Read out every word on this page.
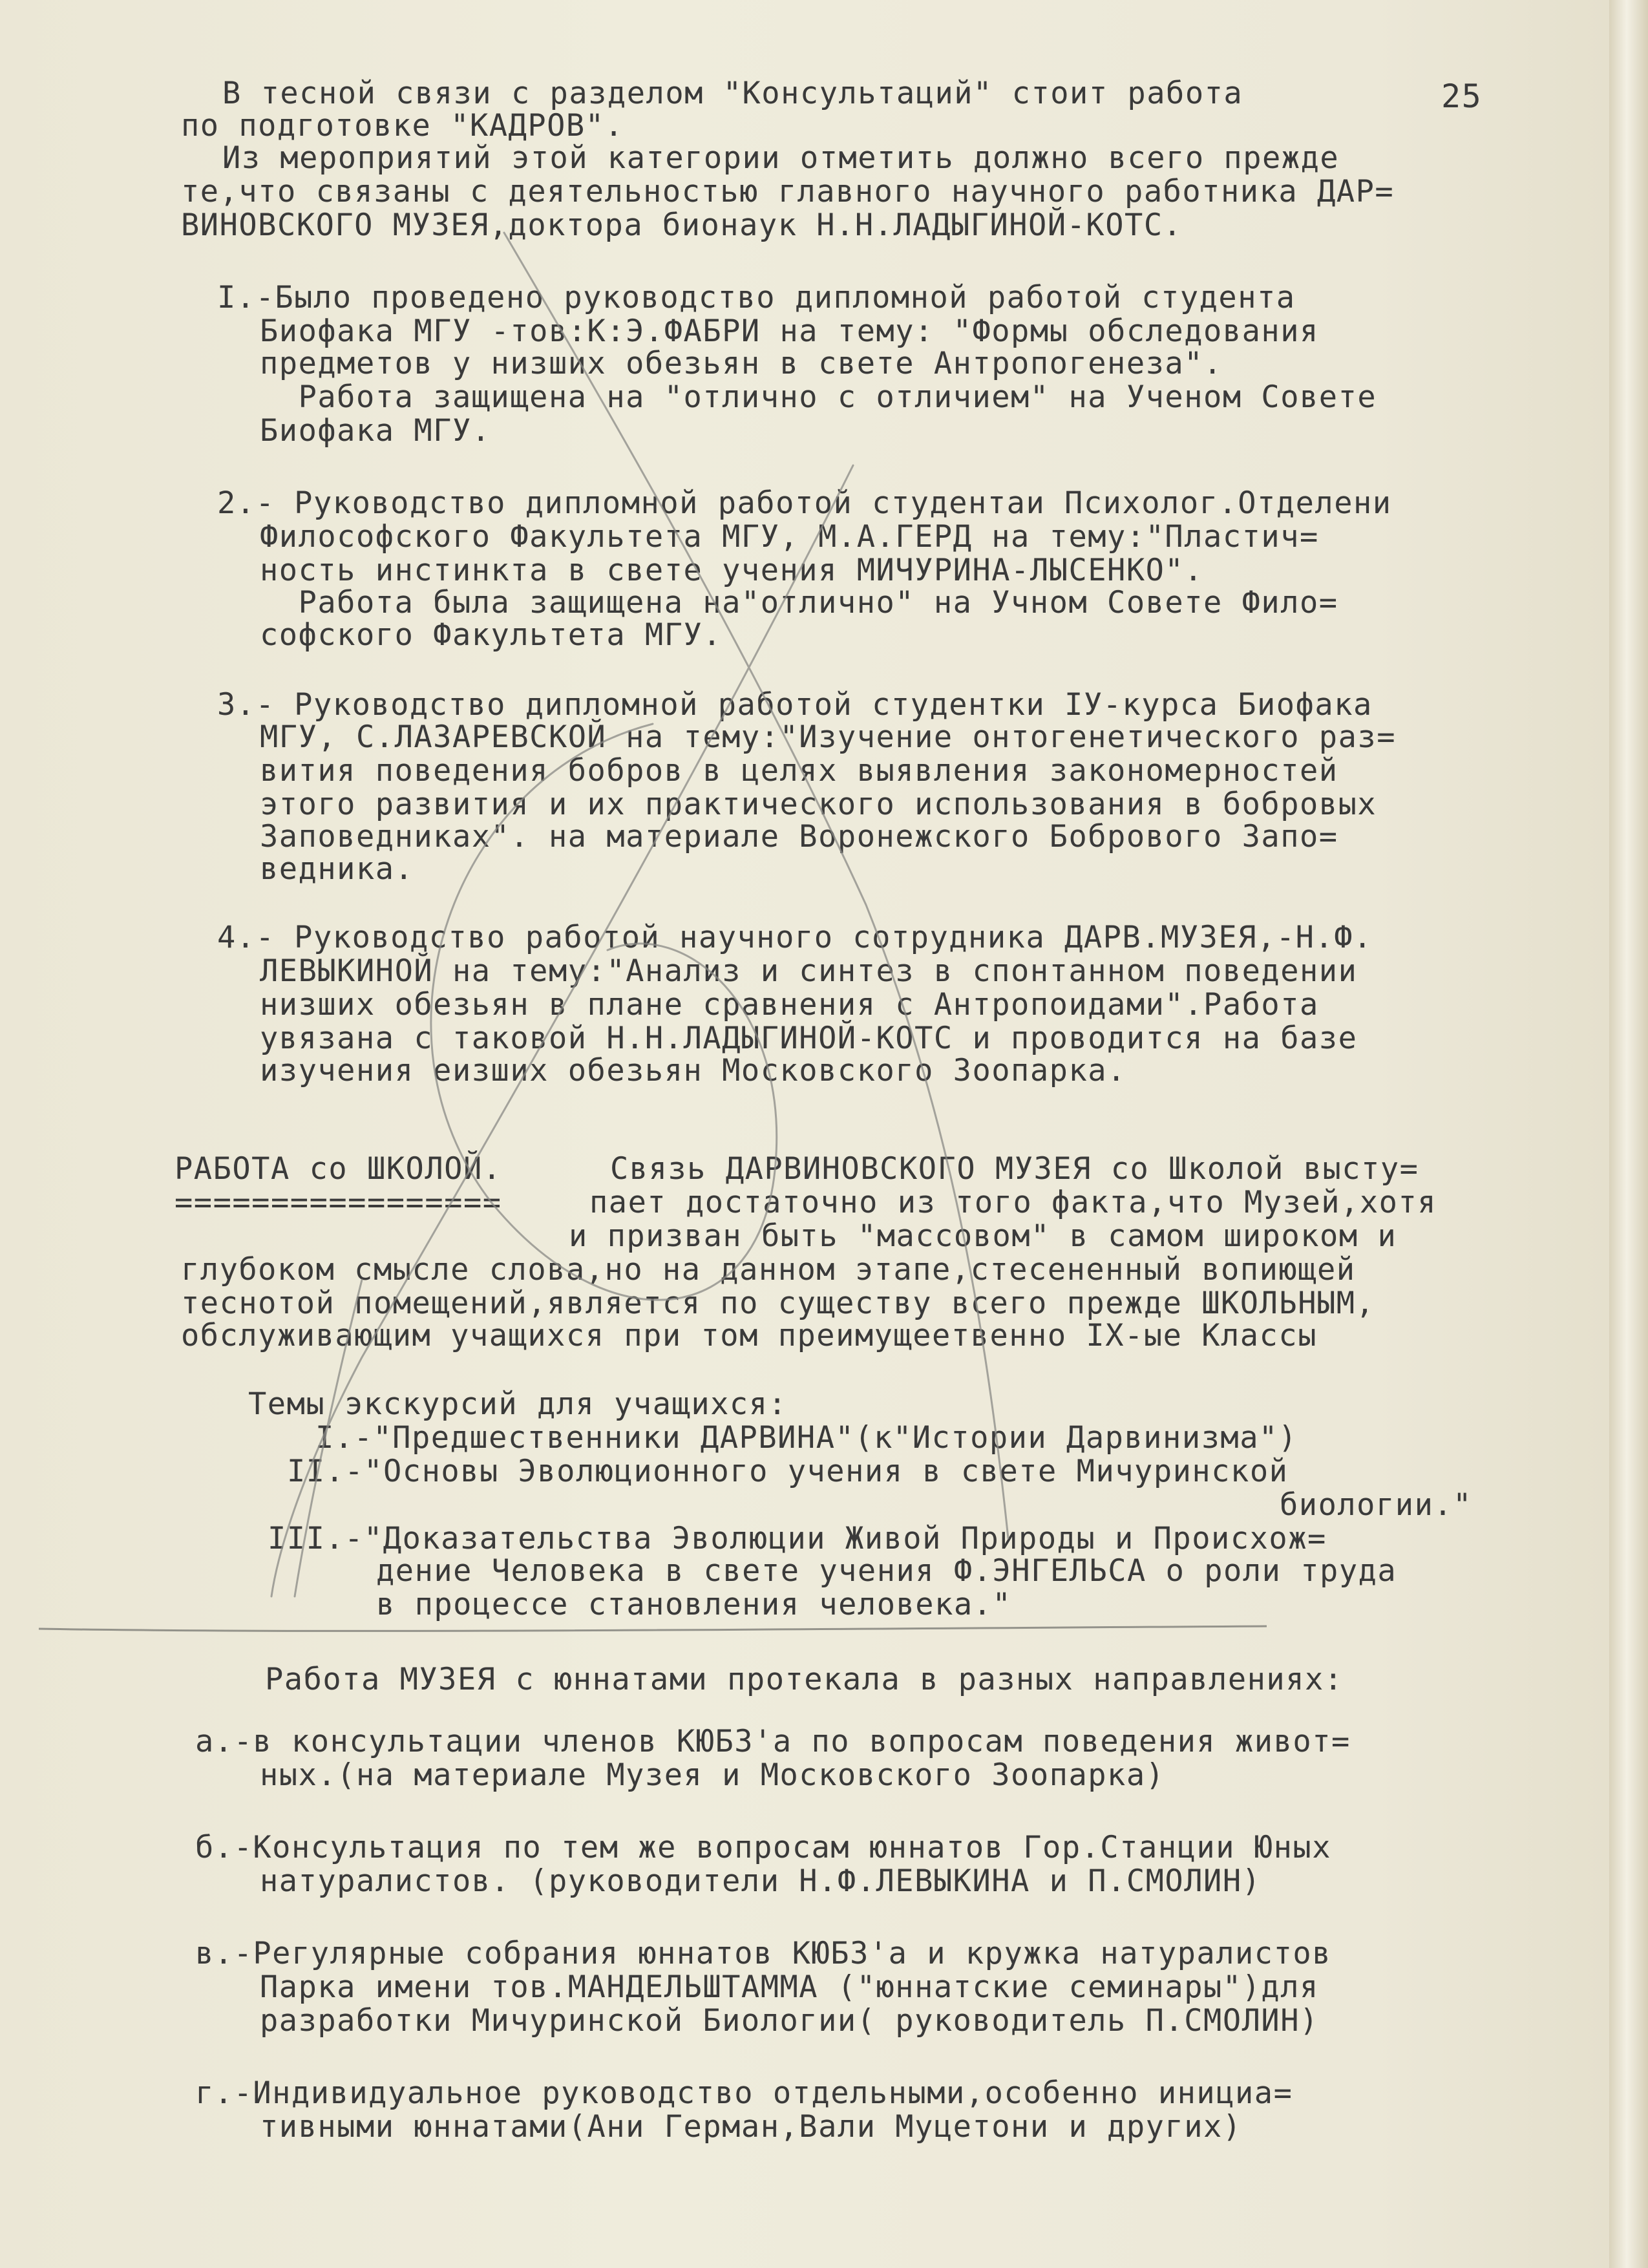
25
В тесной связи с разделом "Консультаций" стоит работа
по подготовке "КАДРОВ".
Из мероприятий этой категории отметить должно всего прежде
те,что связаны с деятельностью главного научного работника ДАР=
ВИНОВСКОГО МУЗЕЯ,доктора бионаук Н.Н.ЛАДЫГИНОЙ-КОТС.
I.-Было проведено руководство дипломной работой студента
Биофака МГУ -тов:К:Э.ФАБРИ на тему: "Формы обследования
предметов у низших обезьян в свете Антропогенеза".
Работа защищена на "отлично с отличием" на Ученом Совете
Биофака МГУ.
2.- Руководство дипломной работой студентаи Психолог.Отделени
Философского Факультета МГУ, М.А.ГЕРД на тему:"Пластич=
ность инстинкта в свете учения МИЧУРИНА-ЛЫСЕНКО".
Работа была защищена на"отлично" на Учном Совете Фило=
софского Факультета МГУ.
3.- Руководство дипломной работой студентки IУ-курса Биофака
МГУ, С.ЛАЗАРЕВСКОЙ на тему:"Изучение онтогенетического раз=
вития поведения бобров в целях выявления закономерностей
этого развития и их практического использования в бобровых
Заповедниках". на материале Воронежского Бобрового Запо=
ведника.
4.- Руководство работой научного сотрудника ДАРВ.МУЗЕЯ,-Н.Ф.
ЛЕВЫКИНОЙ на тему:"Анализ и синтез в спонтанном поведении
низших обезьян в плане сравнения с Антропоидами".Работа
увязана с таковой Н.Н.ЛАДЫГИНОЙ-КОТС и проводится на базе
изучения еизших обезьян Московского Зоопарка.
РАБОТА со ШКОЛОЙ.
=================
Связь ДАРВИНОВСКОГО МУЗЕЯ со Школой высту=
пает достаточно из того факта,что Музей,хотя
и призван быть "массовом" в самом широком и
глубоком смысле слова,но на данном этапе,стесененный вопиющей
теснотой помещений,является по существу всего прежде ШКОЛЬНЫМ,
обслуживающим учащихся при том преимущеетвенно IX-ые Классы
Темы экскурсий для учащихся:
I.-"Предшественники ДАРВИНА"(к"Истории Дарвинизма")
II.-"Основы Эволюционного учения в свете Мичуринской
биологии."
III.-"Доказательства Эволюции Живой Природы и Происхож=
дение Человека в свете учения Ф.ЭНГЕЛЬСА о роли труда
в процессе становления человека."
Работа МУЗЕЯ с юннатами протекала в разных направлениях:
а.-в консультации членов КЮБЗ'а по вопросам поведения живот=
ных.(на материале Музея и Московского Зоопарка)
б.-Консультация по тем же вопросам юннатов Гор.Станции Юных
натуралистов. (руководители Н.Ф.ЛЕВЫКИНА и П.СМОЛИН)
в.-Регулярные собрания юннатов КЮБЗ'а и кружка натуралистов
Парка имени тов.МАНДЕЛЬШТАММА ("юннатские семинары")для
разработки Мичуринской Биологии( руководитель П.СМОЛИН)
г.-Индивидуальное руководство отдельными,особенно инициа=
тивными юннатами(Ани Герман,Вали Муцетони и других)
